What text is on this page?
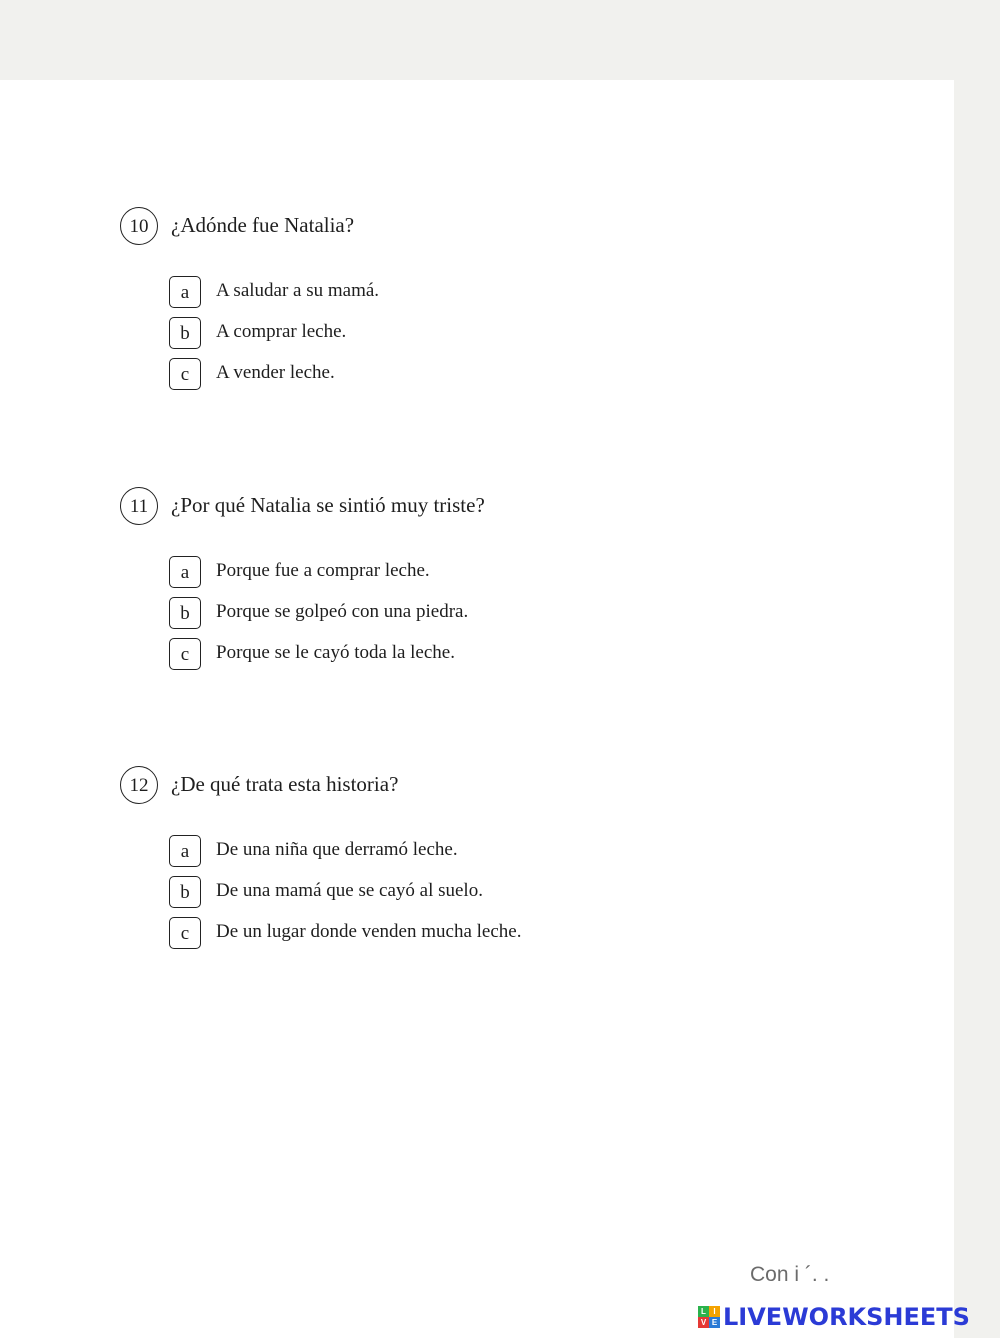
10	¿Adónde fue Natalia?
a	A saludar a su mamá.
b	A comprar leche.
c	A vender leche.
11	¿Por qué Natalia se sintió muy triste?
a	Porque fue a comprar leche.
b	Porque se golpeó con una piedra.
c	Porque se le cayó toda la leche.
12	¿De qué trata esta historia?
a	De una niña que derramó leche.
b	De una mamá que se cayó al suelo.
c	De un lugar donde venden mucha leche.
Con i ´. .
L I
V E LIVEWORKSHEETS
